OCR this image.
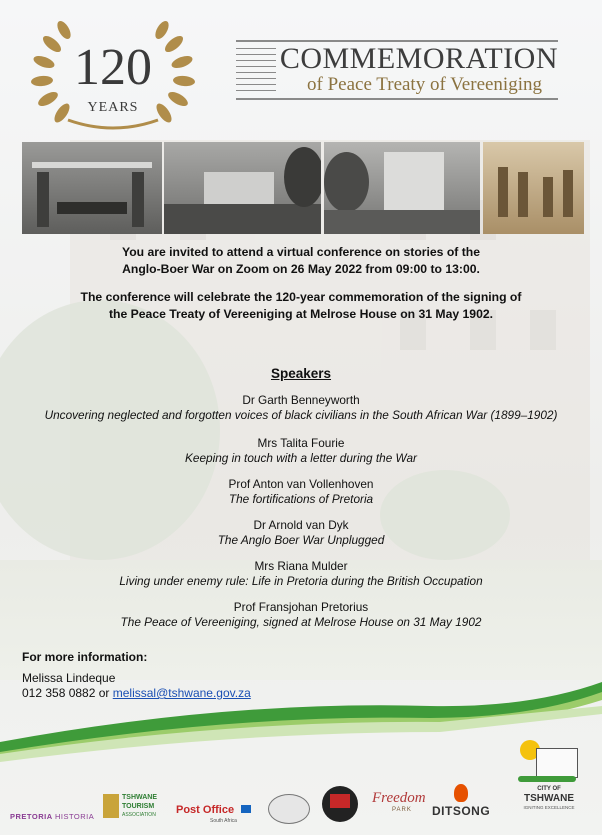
120
YEARS
COMMEMORATION
of Peace Treaty of Vereeniging
You are invited to attend a virtual conference on stories of the
Anglo-Boer War on Zoom on 26 May 2022 from 09:00 to 13:00.
The conference will celebrate the 120-year commemoration of the signing of
the Peace Treaty of Vereeniging at Melrose House on 31 May 1902.
Speakers
Dr Garth Benneyworth
Uncovering neglected and forgotten voices of black civilians in the South African War (1899–1902)
Mrs Talita Fourie
Keeping in touch with a letter during the War
Prof Anton van Vollenhoven
The fortifications of Pretoria
Dr Arnold van Dyk
The Anglo Boer War Unplugged
Mrs Riana Mulder
Living under enemy rule: Life in Pretoria during the British Occupation
Prof Fransjohan Pretorius
The Peace of Vereeniging, signed at Melrose House on 31 May 1902
For more information:
Melissa Lindeque
012 358 0882 or melissal@tshwane.gov.za
PRETORIA HISTORIA
TSHWANE
TOURISM
ASSOCIATION Post Office
South Africa
Freedom
PARK	DITSONG
CITY OF
TSHWANE
IGNITING EXCELLENCE
